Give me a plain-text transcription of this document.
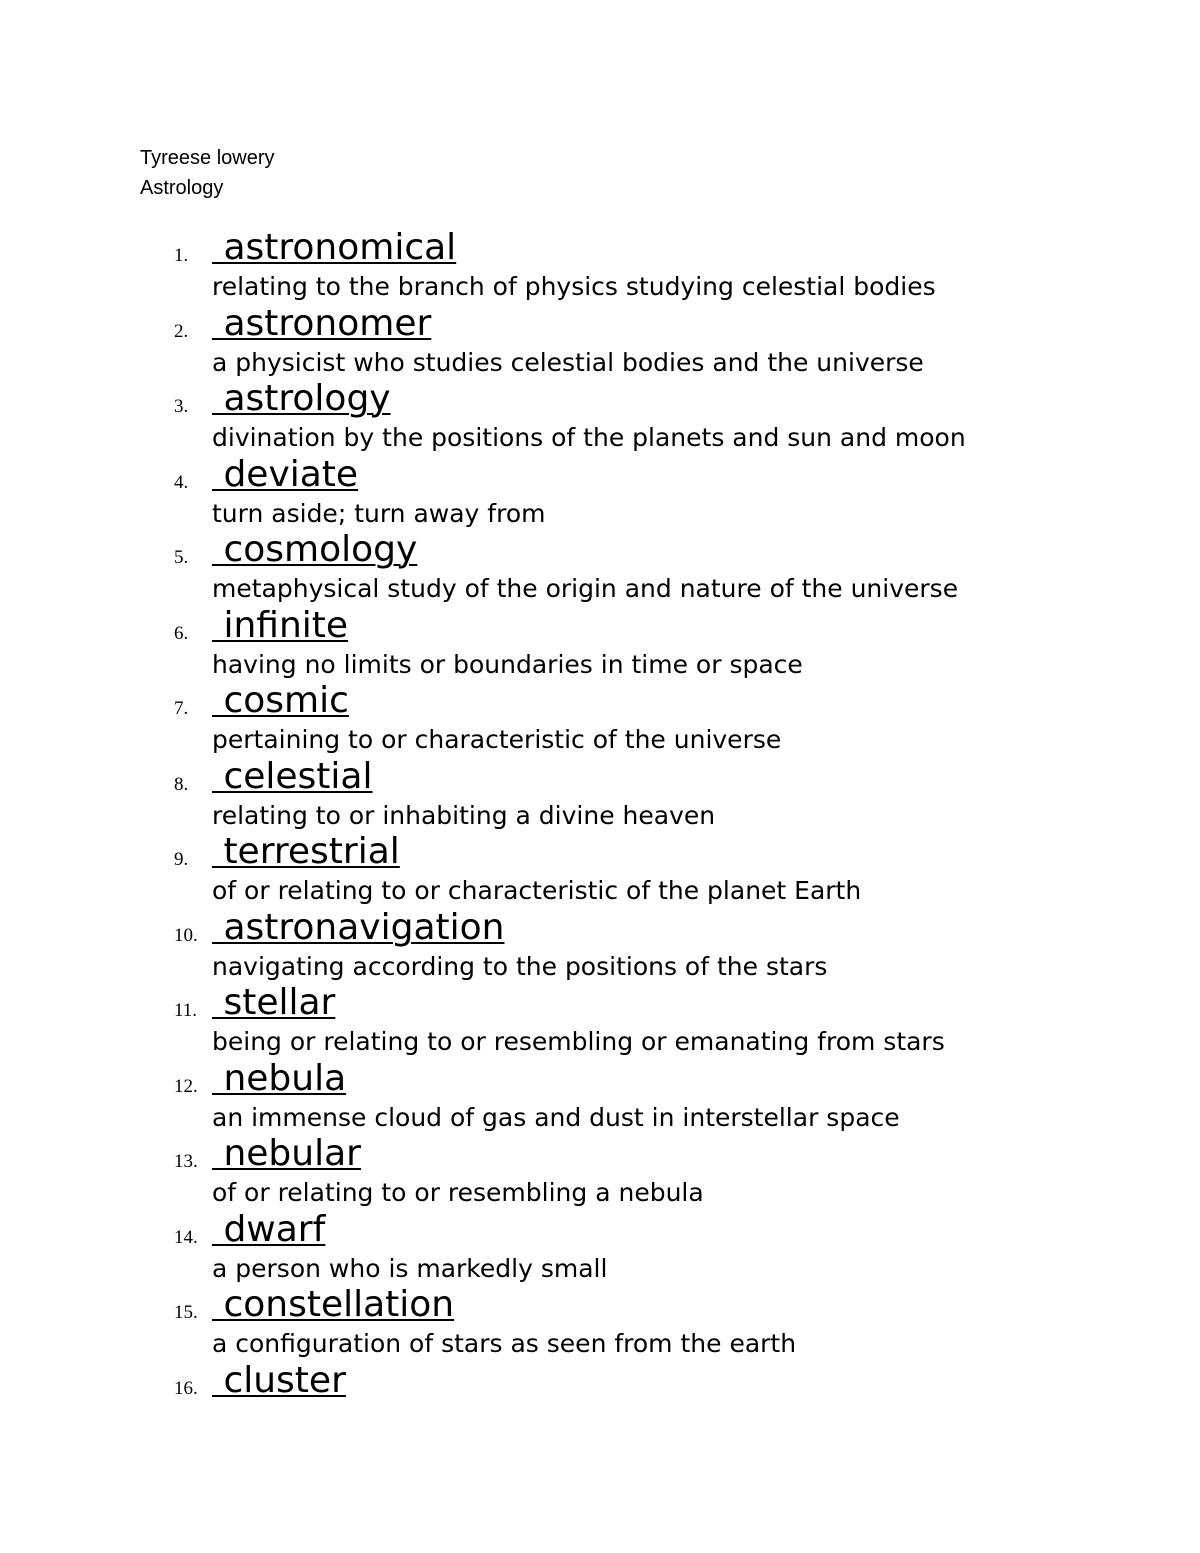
Tyreese lowery
Astrology
1. astronomical
relating to the branch of physics studying celestial bodies
2. astronomer
a physicist who studies celestial bodies and the universe
3. astrology
divination by the positions of the planets and sun and moon
4. deviate
turn aside; turn away from
5. cosmology
metaphysical study of the origin and nature of the universe
6. infinite
having no limits or boundaries in time or space
7. cosmic
pertaining to or characteristic of the universe
8. celestial
relating to or inhabiting a divine heaven
9. terrestrial
of or relating to or characteristic of the planet Earth
10. astronavigation
navigating according to the positions of the stars
11. stellar
being or relating to or resembling or emanating from stars
12. nebula
an immense cloud of gas and dust in interstellar space
13. nebular
of or relating to or resembling a nebula
14. dwarf
a person who is markedly small
15. constellation
a configuration of stars as seen from the earth
16. cluster
